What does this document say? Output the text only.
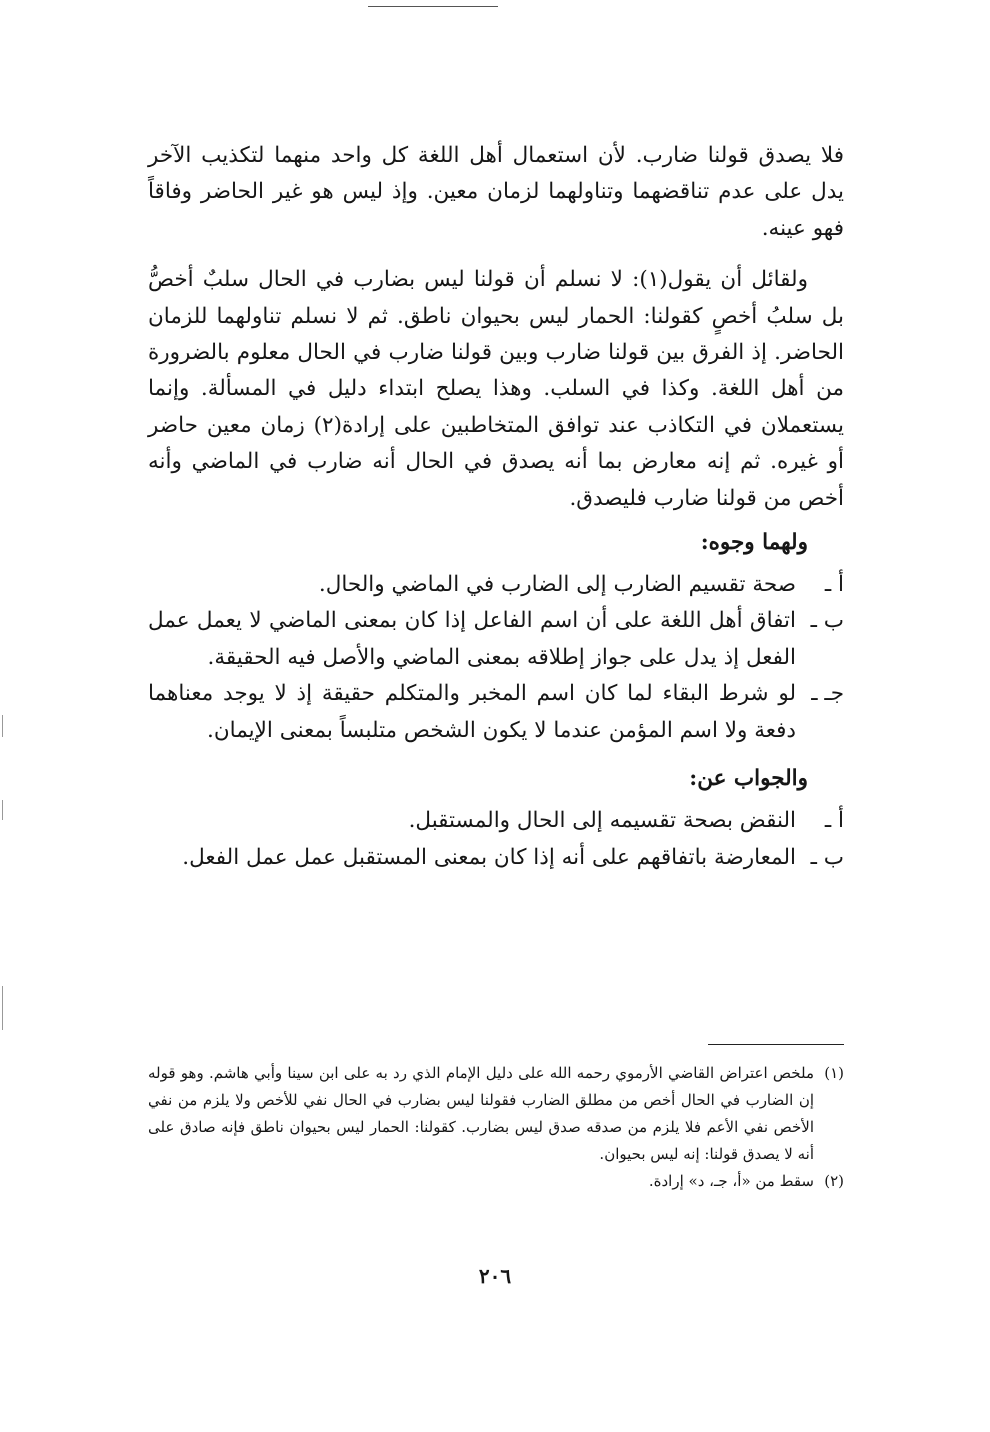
فلا يصدق قولنا ضارب. لأن استعمال أهل اللغة كل واحد منهما لتكذيب الآخر يدل على عدم تناقضهما وتناولهما لزمان معين. وإذ ليس هو غير الحاضر وفاقاً فهو عينه.

ولقائل أن يقول(١): لا نسلم أن قولنا ليس بضارب في الحال سلبٌ أخصُّ بل سلبُ أخصٍ كقولنا: الحمار ليس بحيوان ناطق. ثم لا نسلم تناولهما للزمان الحاضر. إذ الفرق بين قولنا ضارب وبين قولنا ضارب في الحال معلوم بالضرورة من أهل اللغة. وكذا في السلب. وهذا يصلح ابتداء دليل في المسألة. وإنما يستعملان في التكاذب عند توافق المتخاطبين على إرادة(٢) زمان معين حاضر أو غيره. ثم إنه معارض بما أنه يصدق في الحال أنه ضارب في الماضي وأنه أخص من قولنا ضارب فليصدق.

ولهما وجوه:
أ ـ
صحة تقسيم الضارب إلى الضارب في الماضي والحال.
ب ـ
اتفاق أهل اللغة على أن اسم الفاعل إذا كان بمعنى الماضي لا يعمل عمل الفعل إذ يدل على جواز إطلاقه بمعنى الماضي والأصل فيه الحقيقة.
جـ ـ
لو شرط البقاء لما كان اسم المخبر والمتكلم حقيقة إذ لا يوجد معناهما دفعة ولا اسم المؤمن عندما لا يكون الشخص متلبساً بمعنى الإيمان.
والجواب عن:
أ ـ
النقض بصحة تقسيمه إلى الحال والمستقبل.
ب ـ
المعارضة باتفاقهم على أنه إذا كان بمعنى المستقبل عمل عمل الفعل.
(١)
ملخص اعتراض القاضي الأرموي رحمه الله على دليل الإمام الذي رد به على ابن سينا وأبي هاشم. وهو قوله إن الضارب في الحال أخص من مطلق الضارب فقولنا ليس بضارب في الحال نفي للأخص ولا يلزم من نفي الأخص نفي الأعم فلا يلزم من صدقه صدق ليس بضارب. كقولنا: الحمار ليس بحيوان ناطق فإنه صادق على أنه لا يصدق قولنا: إنه ليس بحيوان.
(٢)
سقط من «أ، جـ، د» إرادة.
٢٠٦
